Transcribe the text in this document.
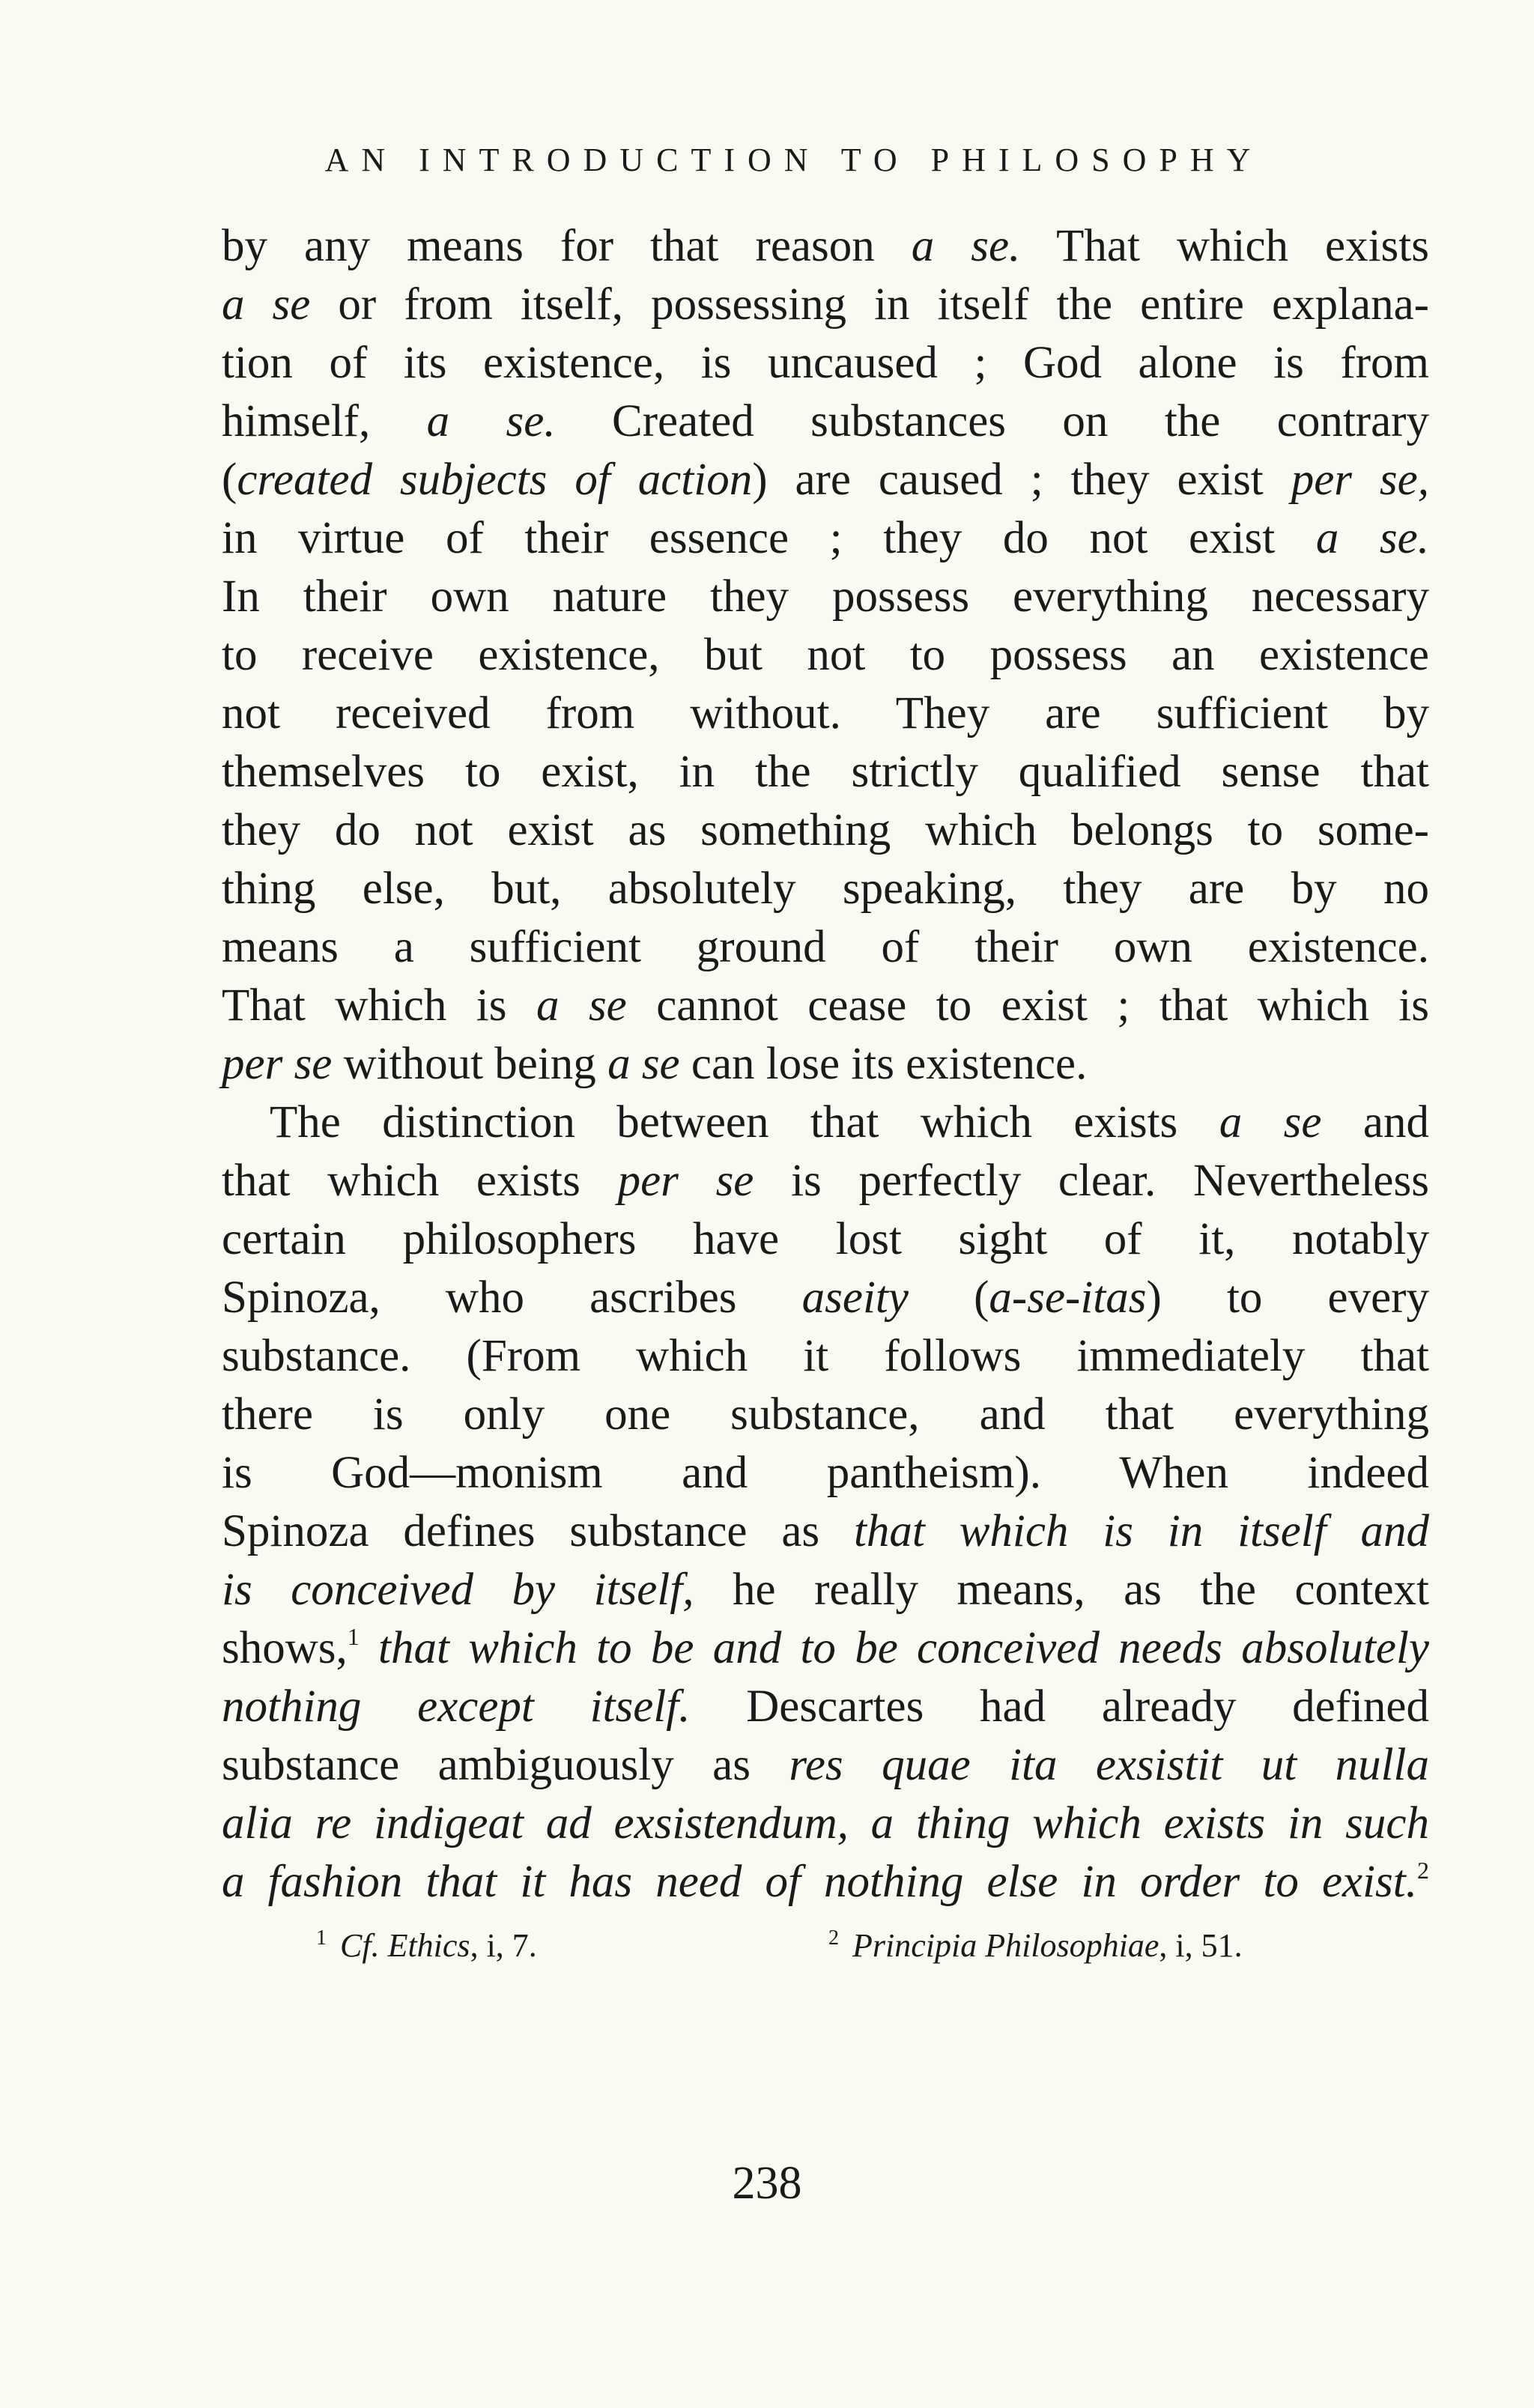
AN INTRODUCTION TO PHILOSOPHY
by any means for that reason a se. That which exists
a se or from itself, possessing in itself the entire explana-
tion of its existence, is uncaused ; God alone is from
himself, a se. Created substances on the contrary
(created subjects of action) are caused ; they exist per se,
in virtue of their essence ; they do not exist a se.
In their own nature they possess everything necessary
to receive existence, but not to possess an existence
not received from without. They are sufficient by
themselves to exist, in the strictly qualified sense that
they do not exist as something which belongs to some-
thing else, but, absolutely speaking, they are by no
means a sufficient ground of their own existence.
That which is a se cannot cease to exist ; that which is
per se without being a se can lose its existence.
The distinction between that which exists a se and
that which exists per se is perfectly clear. Nevertheless
certain philosophers have lost sight of it, notably
Spinoza, who ascribes aseity (a-se-itas) to every
substance. (From which it follows immediately that
there is only one substance, and that everything
is God—monism and pantheism). When indeed
Spinoza defines substance as that which is in itself and
is conceived by itself, he really means, as the context
shows,$^1$ that which to be and to be conceived needs absolutely
nothing except itself. Descartes had already defined
substance ambiguously as res quae ita exsistit ut nulla
alia re indigeat ad exsistendum, a thing which exists in such
a fashion that it has need of nothing else in order to exist.$^2$
$^1$ Cf. Ethics, i, 7.	$^2$ Principia Philosophiae, i, 51.
238
